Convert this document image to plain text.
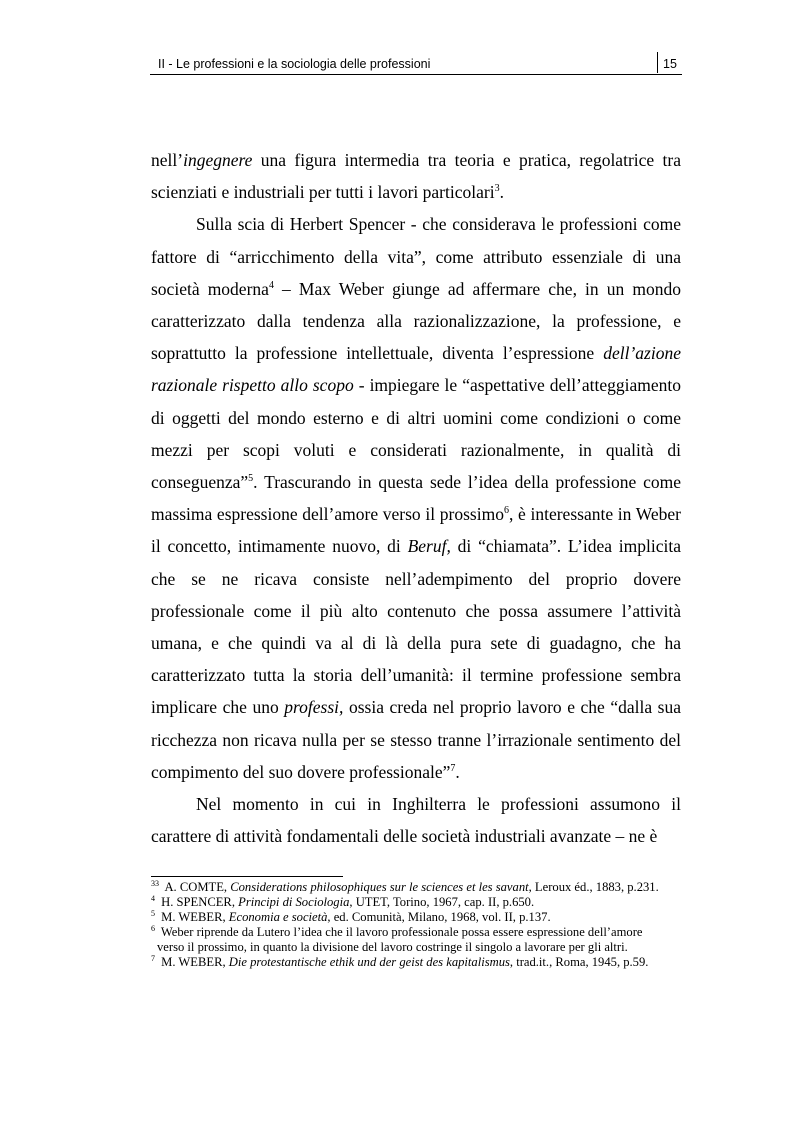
II - Le professioni e la sociologia delle professioni	15

nell’ingegnere una figura intermedia tra teoria e pratica, regolatrice tra scienziati e industriali per tutti i lavori particolari$^3$.

Sulla scia di Herbert Spencer - che considerava le professioni come fattore di “arricchimento della vita”, come attributo essenziale di una società moderna$^4$ – Max Weber giunge ad affermare che, in un mondo caratterizzato dalla tendenza alla razionalizzazione, la professione, e soprattutto la professione intellettuale, diventa l’espressione dell’azione razionale rispetto allo scopo - impiegare le “aspettative dell’atteggiamento di oggetti del mondo esterno e di altri uomini come condizioni o come mezzi per scopi voluti e considerati razionalmente, in qualità di conseguenza”$^5$. Trascurando in questa sede l’idea della professione come massima espressione dell’amore verso il prossimo$^6$, è interessante in Weber il concetto, intimamente nuovo, di Beruf, di “chiamata”. L’idea implicita che se ne ricava consiste nell’adempimento del proprio dovere professionale come il più alto contenuto che possa assumere l’attività umana, e che quindi va al di là della pura sete di guadagno, che ha caratterizzato tutta la storia dell’umanità: il termine professione sembra implicare che uno professi, ossia creda nel proprio lavoro e che “dalla sua ricchezza non ricava nulla per se stesso tranne l’irrazionale sentimento del compimento del suo dovere professionale”$^7$.

Nel momento in cui in Inghilterra le professioni assumono il carattere di attività fondamentali delle società industriali avanzate – ne è

$^{33}$ A. COMTE, Considerations philosophiques sur le sciences et les savant, Leroux éd., 1883, p.231.
$^4$ H. SPENCER, Principi di Sociologia, UTET, Torino, 1967, cap. II, p.650.
$^5$ M. WEBER, Economia e società, ed. Comunità, Milano, 1968, vol. II, p.137.
$^6$ Weber riprende da Lutero l’idea che il lavoro professionale possa essere espressione dell’amore
verso il prossimo, in quanto la divisione del lavoro costringe il singolo a lavorare per gli altri.
$^7$ M. WEBER, Die protestantische ethik und der geist des kapitalismus, trad.it., Roma, 1945, p.59.
